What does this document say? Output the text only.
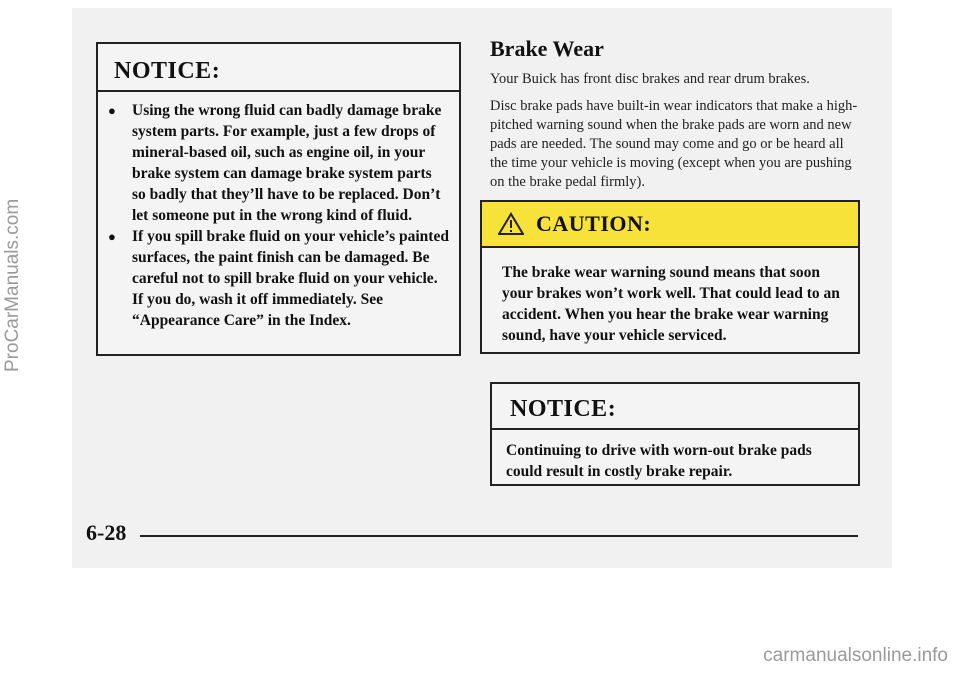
NOTICE:
● Using the wrong fluid can badly damage brake system parts. For example, just a few drops of mineral-based oil, such as engine oil, in your brake system can damage brake system parts so badly that they’ll have to be replaced. Don’t let someone put in the wrong kind of fluid.
● If you spill brake fluid on your vehicle’s painted surfaces, the paint finish can be damaged. Be careful not to spill brake fluid on your vehicle. If you do, wash it off immediately. See “Appearance Care” in the Index.
Brake Wear

Your Buick has front disc brakes and rear drum brakes.

Disc brake pads have built-in wear indicators that make a high-pitched warning sound when the brake pads are worn and new pads are needed. The sound may come and go or be heard all the time your vehicle is moving (except when you are pushing on the brake pedal firmly).

CAUTION:
The brake wear warning sound means that soon your brakes won’t work well. That could lead to an accident. When you hear the brake wear warning sound, have your vehicle serviced.
NOTICE:
Continuing to drive with worn-out brake pads could result in costly brake repair.
6-28
ProCarManuals.com
carmanualsonline.info
